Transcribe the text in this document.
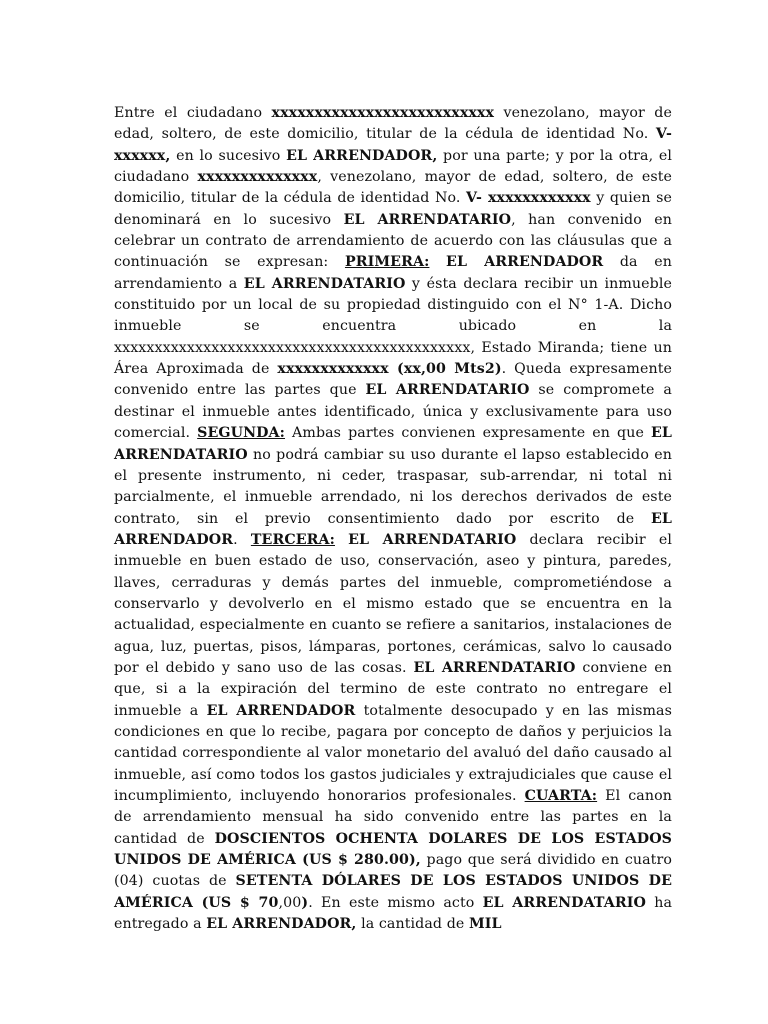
Entre el ciudadano xxxxxxxxxxxxxxxxxxxxxxxxxx venezolano, mayor de edad, soltero, de este domicilio, titular de la cédula de identidad No. V-xxxxxx, en lo sucesivo EL ARRENDADOR, por una parte; y por la otra, el ciudadano xxxxxxxxxxxxxx, venezolano, mayor de edad, soltero, de este domicilio, titular de la cédula de identidad No. V- xxxxxxxxxxxx y quien se denominará en lo sucesivo EL ARRENDATARIO, han convenido en celebrar un contrato de arrendamiento de acuerdo con las cláusulas que a continuación se expresan: PRIMERA: EL ARRENDADOR da en arrendamiento a EL ARRENDATARIO y ésta declara recibir un inmueble constituido por un local de su propiedad distinguido con el N° 1-A. Dicho inmueble se encuentra ubicado en la xxxxxxxxxxxxxxxxxxxxxxxxxxxxxxxxxxxxxxxxxxxx, Estado Miranda; tiene un Área Aproximada de xxxxxxxxxxxxx (xx,00 Mts2). Queda expresamente convenido entre las partes que EL ARRENDATARIO se compromete a destinar el inmueble antes identificado, única y exclusivamente para uso comercial. SEGUNDA: Ambas partes convienen expresamente en que EL ARRENDATARIO no podrá cambiar su uso durante el lapso establecido en el presente instrumento, ni ceder, traspasar, sub-arrendar, ni total ni parcialmente, el inmueble arrendado, ni los derechos derivados de este contrato, sin el previo consentimiento dado por escrito de EL ARRENDADOR. TERCERA: EL ARRENDATARIO declara recibir el inmueble en buen estado de uso, conservación, aseo y pintura, paredes, llaves, cerraduras y demás partes del inmueble, comprometiéndose a conservarlo y devolverlo en el mismo estado que se encuentra en la actualidad, especialmente en cuanto se refiere a sanitarios, instalaciones de agua, luz, puertas, pisos, lámparas, portones, cerámicas, salvo lo causado por el debido y sano uso de las cosas. EL ARRENDATARIO conviene en que, si a la expiración del termino de este contrato no entregare el inmueble a EL ARRENDADOR totalmente desocupado y en las mismas condiciones en que lo recibe, pagara por concepto de daños y perjuicios la cantidad correspondiente al valor monetario del avaluó del daño causado al inmueble, así como todos los gastos judiciales y extrajudiciales que cause el incumplimiento, incluyendo honorarios profesionales. CUARTA: El canon de arrendamiento mensual ha sido convenido entre las partes en la cantidad de DOSCIENTOS OCHENTA DOLARES DE LOS ESTADOS UNIDOS DE AMÉRICA (US $ 280.00), pago que será dividido en cuatro (04) cuotas de SETENTA DÓLARES DE LOS ESTADOS UNIDOS DE AMÉRICA (US $ 70,00). En este mismo acto EL ARRENDATARIO ha entregado a EL ARRENDADOR, la cantidad de MIL
